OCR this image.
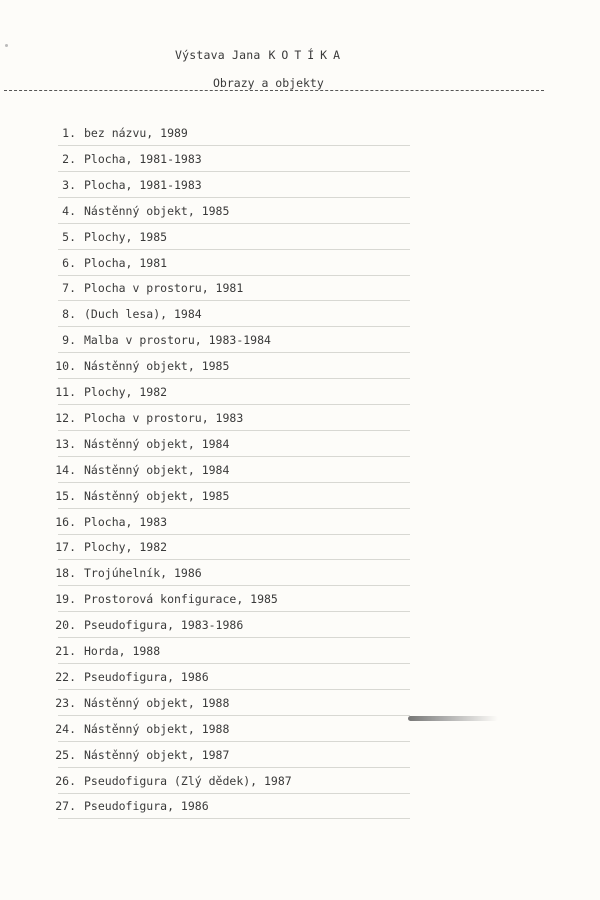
Výstava Jana KOTÍKA
Obrazy a objekty
1. bez názvu, 1989
2. Plocha, 1981-1983
3. Plocha, 1981-1983
4. Nástěnný objekt, 1985
5. Plochy, 1985
6. Plocha, 1981
7. Plocha v prostoru, 1981
8. (Duch lesa), 1984
9. Malba v prostoru, 1983-1984
10. Nástěnný objekt, 1985
11. Plochy, 1982
12. Plocha v prostoru, 1983
13. Nástěnný objekt, 1984
14. Nástěnný objekt, 1984
15. Nástěnný objekt, 1985
16. Plocha, 1983
17. Plochy, 1982
18. Trojúhelník, 1986
19. Prostorová konfigurace, 1985
20. Pseudofigura, 1983-1986
21. Horda, 1988
22. Pseudofigura, 1986
23. Nástěnný objekt, 1988
24. Nástěnný objekt, 1988
25. Nástěnný objekt, 1987
26. Pseudofigura (Zlý dědek), 1987
27. Pseudofigura, 1986
